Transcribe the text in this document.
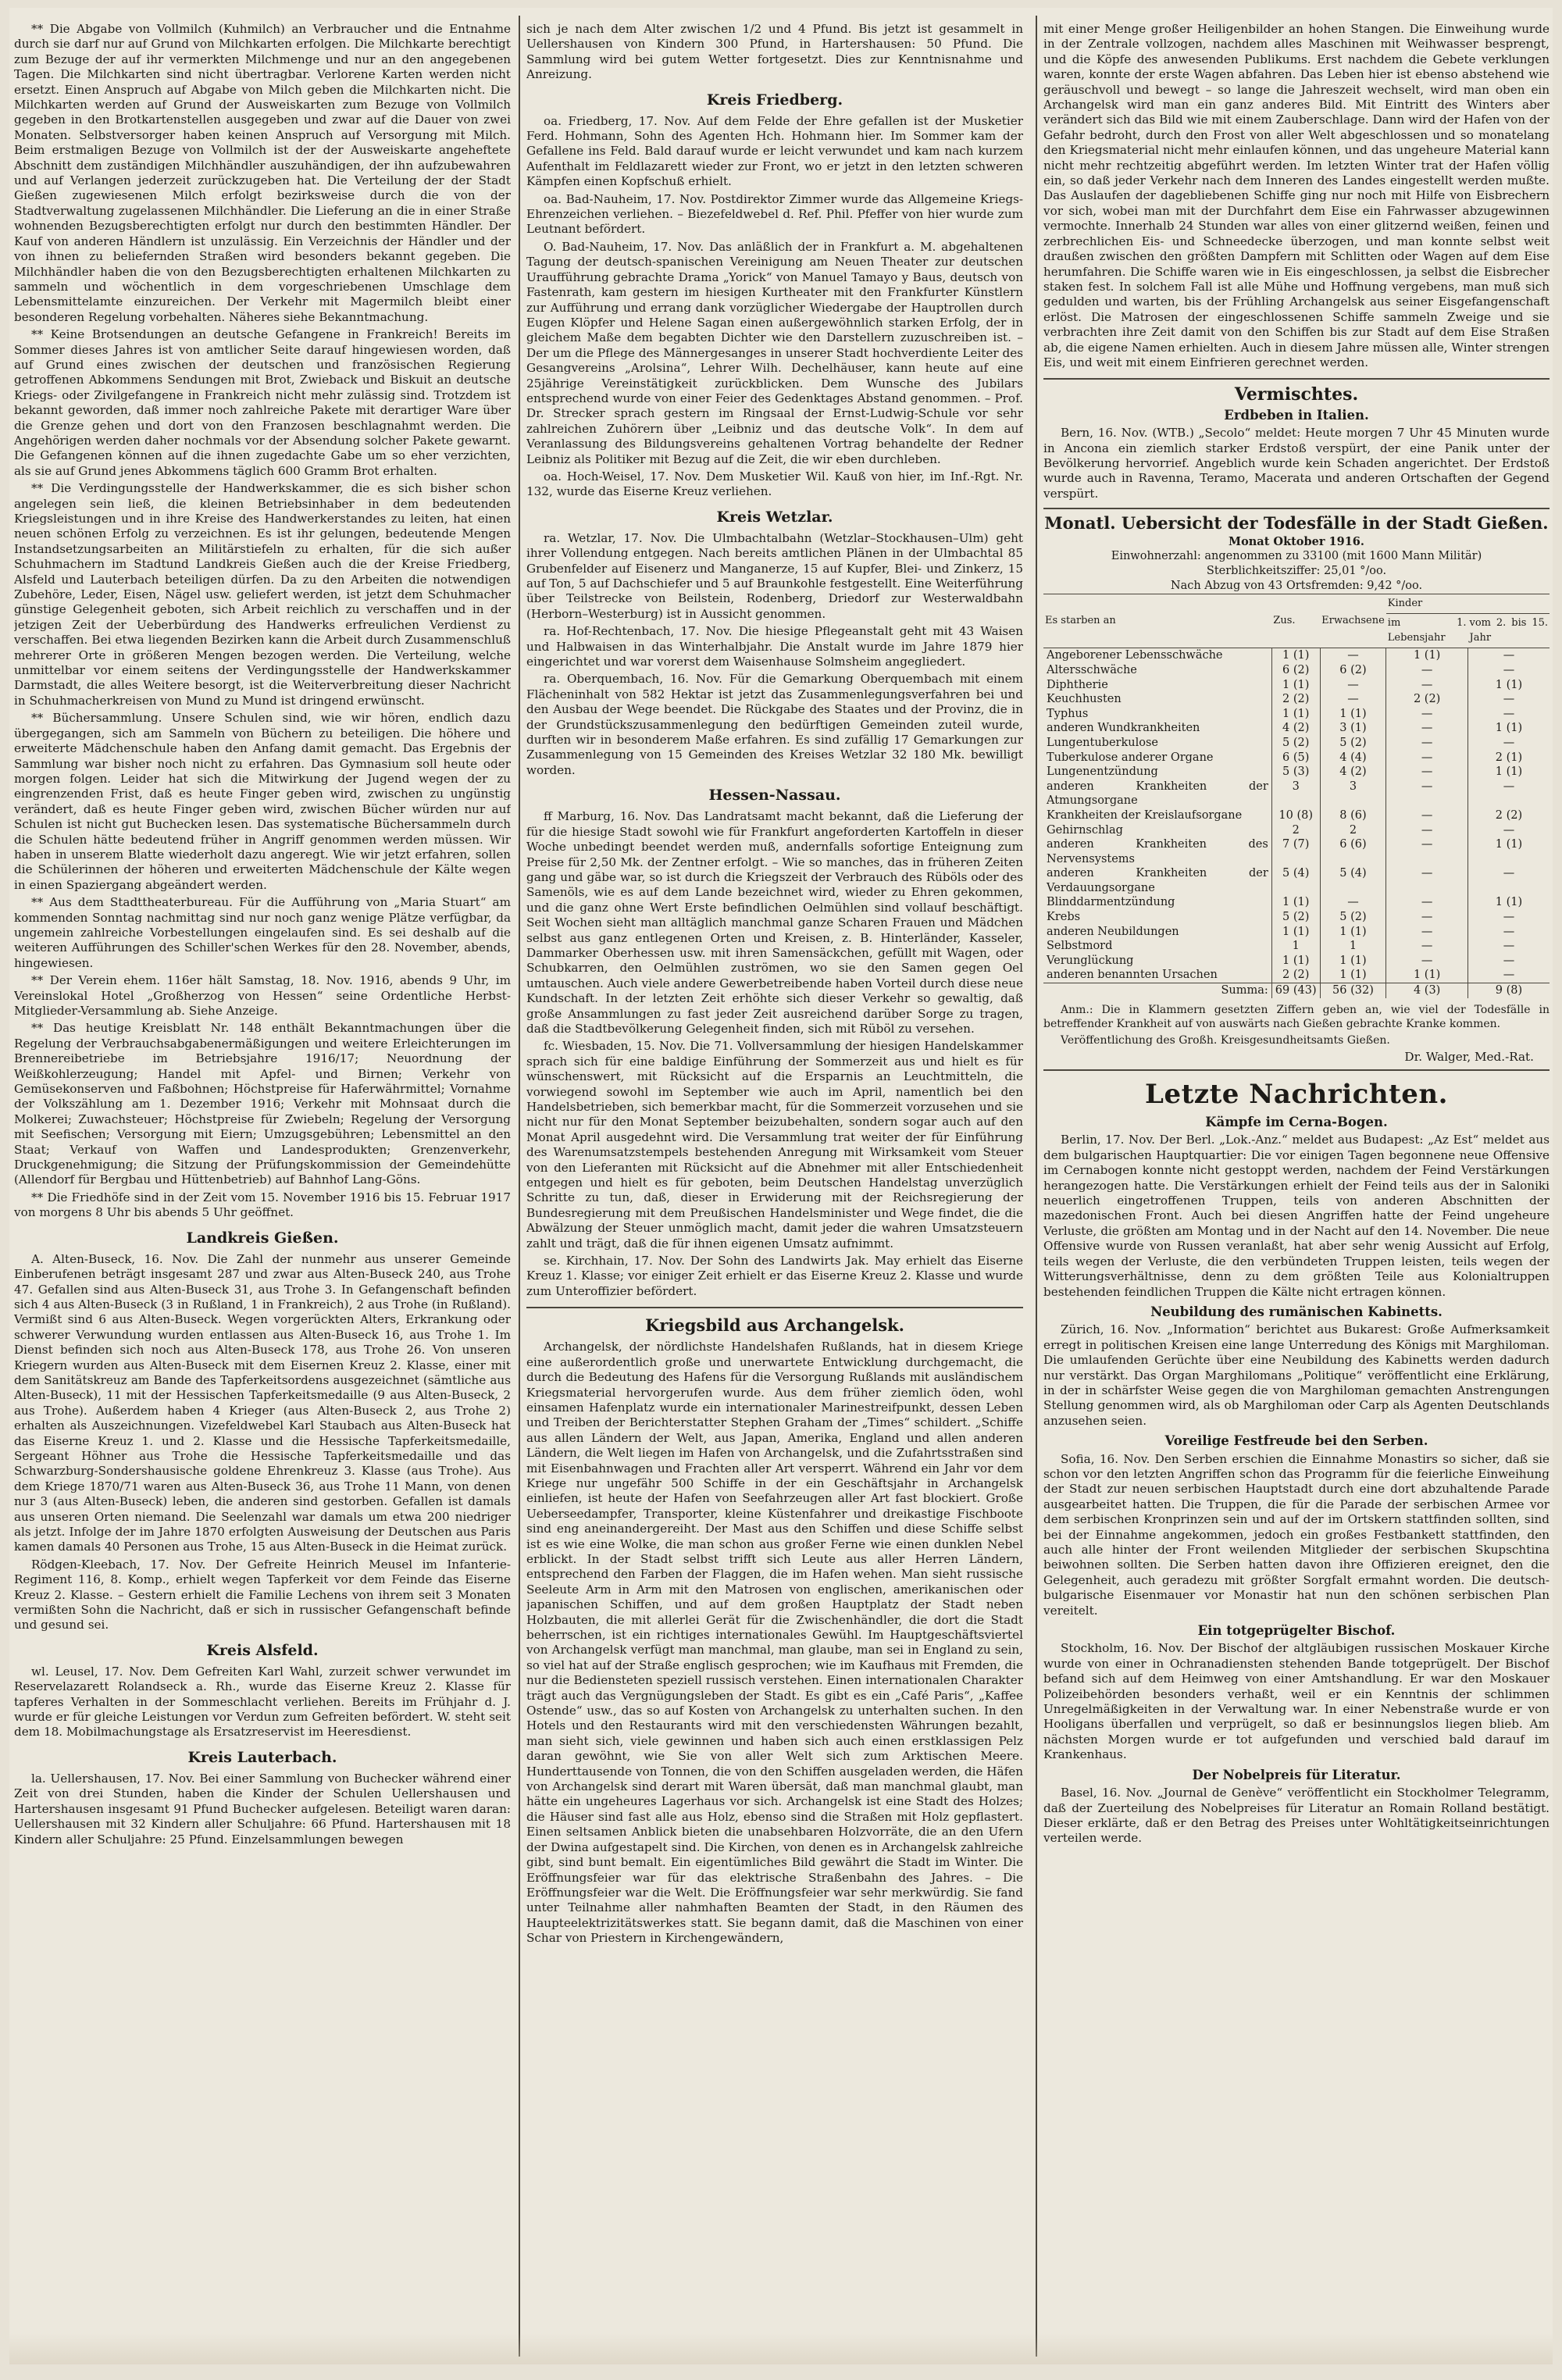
** Die Abgabe von Vollmilch (Kuhmilch) an Verbraucher und die Entnahme durch sie darf nur auf Grund von Milchkarten erfolgen. Die Milchkarte berechtigt zum Bezuge der auf ihr vermerkten Milchmenge und nur an den angegebenen Tagen. Die Milchkarten sind nicht übertragbar. Verlorene Karten werden nicht ersetzt. Einen Anspruch auf Abgabe von Milch geben die Milchkarten nicht. Die Milchkarten werden auf Grund der Ausweiskarten zum Bezuge von Vollmilch gegeben in den Brotkartenstellen ausgegeben und zwar auf die Dauer von zwei Monaten. Selbstversorger haben keinen Anspruch auf Versorgung mit Milch. Beim erstmaligen Bezuge von Vollmilch ist der der Ausweiskarte angeheftete Abschnitt dem zuständigen Milchhändler auszuhändigen, der ihn aufzubewahren und auf Verlangen jederzeit zurückzugeben hat. Die Verteilung der der Stadt Gießen zugewiesenen Milch erfolgt bezirksweise durch die von der Stadtverwaltung zugelassenen Milchhändler. Die Lieferung an die in einer Straße wohnenden Bezugsberechtigten erfolgt nur durch den bestimmten Händler. Der Kauf von anderen Händlern ist unzulässig. Ein Verzeichnis der Händler und der von ihnen zu beliefernden Straßen wird besonders bekannt gegeben. Die Milchhändler haben die von den Bezugsberechtigten erhaltenen Milchkarten zu sammeln und wöchentlich in dem vorgeschriebenen Umschlage dem Lebensmittelamte einzureichen. Der Verkehr mit Magermilch bleibt einer besonderen Regelung vorbehalten. Näheres siehe Bekanntmachung.

** Keine Brotsendungen an deutsche Gefangene in Frankreich! Bereits im Sommer dieses Jahres ist von amtlicher Seite darauf hingewiesen worden, daß auf Grund eines zwischen der deutschen und französischen Regierung getroffenen Abkommens Sendungen mit Brot, Zwieback und Biskuit an deutsche Kriegs- oder Zivilgefangene in Frankreich nicht mehr zulässig sind. Trotzdem ist bekannt geworden, daß immer noch zahlreiche Pakete mit derartiger Ware über die Grenze gehen und dort von den Franzosen beschlagnahmt werden. Die Angehörigen werden daher nochmals vor der Absendung solcher Pakete gewarnt. Die Gefangenen können auf die ihnen zugedachte Gabe um so eher verzichten, als sie auf Grund jenes Abkommens täglich 600 Gramm Brot erhalten.

** Die Verdingungsstelle der Handwerkskammer, die es sich bisher schon angelegen sein ließ, die kleinen Betriebsinhaber in dem bedeutenden Kriegsleistungen und in ihre Kreise des Handwerkerstandes zu leiten, hat einen neuen schönen Erfolg zu verzeichnen. Es ist ihr gelungen, bedeutende Mengen Instandsetzungsarbeiten an Militärstiefeln zu erhalten, für die sich außer Schuhmachern im Stadtund Landkreis Gießen auch die der Kreise Friedberg, Alsfeld und Lauterbach beteiligen dürfen. Da zu den Arbeiten die notwendigen Zubehöre, Leder, Eisen, Nägel usw. geliefert werden, ist jetzt dem Schuhmacher günstige Gelegenheit geboten, sich Arbeit reichlich zu verschaffen und in der jetzigen Zeit der Ueberbürdung des Handwerks erfreulichen Verdienst zu verschaffen. Bei etwa liegenden Bezirken kann die Arbeit durch Zusammenschluß mehrerer Orte in größeren Mengen bezogen werden. Die Verteilung, welche unmittelbar vor einem seitens der Verdingungsstelle der Handwerkskammer Darmstadt, die alles Weitere besorgt, ist die Weiterverbreitung dieser Nachricht in Schuhmacherkreisen von Mund zu Mund ist dringend erwünscht.

** Büchersammlung. Unsere Schulen sind, wie wir hören, endlich dazu übergegangen, sich am Sammeln von Büchern zu beteiligen. Die höhere und erweiterte Mädchenschule haben den Anfang damit gemacht. Das Ergebnis der Sammlung war bisher noch nicht zu erfahren. Das Gymnasium soll heute oder morgen folgen. Leider hat sich die Mitwirkung der Jugend wegen der zu eingrenzenden Frist, daß es heute Finger geben wird, zwischen zu ungünstig verändert, daß es heute Finger geben wird, zwischen Bücher würden nur auf Schulen ist nicht gut Buchecken lesen. Das systematische Büchersammeln durch die Schulen hätte bedeutend früher in Angriff genommen werden müssen. Wir haben in unserem Blatte wiederholt dazu angeregt. Wie wir jetzt erfahren, sollen die Schülerinnen der höheren und erweiterten Mädchenschule der Kälte wegen in einen Spaziergang abgeändert werden.

** Aus dem Stadttheaterbureau. Für die Aufführung von „Maria Stuart“ am kommenden Sonntag nachmittag sind nur noch ganz wenige Plätze verfügbar, da ungemein zahlreiche Vorbestellungen eingelaufen sind. Es sei deshalb auf die weiteren Aufführungen des Schiller'schen Werkes für den 28. November, abends, hingewiesen.

** Der Verein ehem. 116er hält Samstag, 18. Nov. 1916, abends 9 Uhr, im Vereinslokal Hotel „Großherzog von Hessen“ seine Ordentliche Herbst-Mitglieder-Versammlung ab. Siehe Anzeige.

** Das heutige Kreisblatt Nr. 148 enthält Bekanntmachungen über die Regelung der Verbrauchsabgabenermäßigungen und weitere Erleichterungen im Brennereibetriebe im Betriebsjahre 1916/17; Neuordnung der Weißkohlerzeugung; Handel mit Apfel- und Birnen; Verkehr von Gemüsekonserven und Faßbohnen; Höchstpreise für Haferwährmittel; Vornahme der Volkszählung am 1. Dezember 1916; Verkehr mit Mohnsaat durch die Molkerei; Zuwachsteuer; Höchstpreise für Zwiebeln; Regelung der Versorgung mit Seefischen; Versorgung mit Eiern; Umzugsgebühren; Lebensmittel an den Staat; Verkauf von Waffen und Landesprodukten; Grenzenverkehr, Druckgenehmigung; die Sitzung der Prüfungskommission der Gemeindehütte (Allendorf für Bergbau und Hüttenbetrieb) auf Bahnhof Lang-Göns.

** Die Friedhöfe sind in der Zeit vom 15. November 1916 bis 15. Februar 1917 von morgens 8 Uhr bis abends 5 Uhr geöffnet.

Landkreis Gießen.

A. Alten-Buseck, 16. Nov. Die Zahl der nunmehr aus unserer Gemeinde Einberufenen beträgt insgesamt 287 und zwar aus Alten-Buseck 240, aus Trohe 47. Gefallen sind aus Alten-Buseck 31, aus Trohe 3. In Gefangenschaft befinden sich 4 aus Alten-Buseck (3 in Rußland, 1 in Frankreich), 2 aus Trohe (in Rußland). Vermißt sind 6 aus Alten-Buseck. Wegen vorgerückten Alters, Erkrankung oder schwerer Verwundung wurden entlassen aus Alten-Buseck 16, aus Trohe 1. Im Dienst befinden sich noch aus Alten-Buseck 178, aus Trohe 26. Von unseren Kriegern wurden aus Alten-Buseck mit dem Eisernen Kreuz 2. Klasse, einer mit dem Sanitätskreuz am Bande des Tapferkeitsordens ausgezeichnet (sämtliche aus Alten-Buseck), 11 mit der Hessischen Tapferkeitsmedaille (9 aus Alten-Buseck, 2 aus Trohe). Außerdem haben 4 Krieger (aus Alten-Buseck 2, aus Trohe 2) erhalten als Auszeichnungen. Vizefeldwebel Karl Staubach aus Alten-Buseck hat das Eiserne Kreuz 1. und 2. Klasse und die Hessische Tapferkeitsmedaille, Sergeant Höhner aus Trohe die Hessische Tapferkeitsmedaille und das Schwarzburg-Sondershausische goldene Ehrenkreuz 3. Klasse (aus Trohe). Aus dem Kriege 1870/71 waren aus Alten-Buseck 36, aus Trohe 11 Mann, von denen nur 3 (aus Alten-Buseck) leben, die anderen sind gestorben. Gefallen ist damals aus unseren Orten niemand. Die Seelenzahl war damals um etwa 200 niedriger als jetzt. Infolge der im Jahre 1870 erfolgten Ausweisung der Deutschen aus Paris kamen damals 40 Personen aus Trohe, 15 aus Alten-Buseck in die Heimat zurück.

Rödgen-Kleebach, 17. Nov. Der Gefreite Heinrich Meusel im Infanterie-Regiment 116, 8. Komp., erhielt wegen Tapferkeit vor dem Feinde das Eiserne Kreuz 2. Klasse. – Gestern erhielt die Familie Lechens von ihrem seit 3 Monaten vermißten Sohn die Nachricht, daß er sich in russischer Gefangenschaft befinde und gesund sei.

Kreis Alsfeld.

wl. Leusel, 17. Nov. Dem Gefreiten Karl Wahl, zurzeit schwer verwundet im Reservelazarett Rolandseck a. Rh., wurde das Eiserne Kreuz 2. Klasse für tapferes Verhalten in der Sommeschlacht verliehen. Bereits im Frühjahr d. J. wurde er für gleiche Leistungen vor Verdun zum Gefreiten befördert. W. steht seit dem 18. Mobilmachungstage als Ersatzreservist im Heeresdienst.

Kreis Lauterbach.

la. Uellershausen, 17. Nov. Bei einer Sammlung von Buchecker während einer Zeit von drei Stunden, haben die Kinder der Schulen Uellershausen und Hartershausen insgesamt 91 Pfund Buchecker aufgelesen. Beteiligt waren daran: Uellershausen mit 32 Kindern aller Schuljahre: 66 Pfund. Hartershausen mit 18 Kindern aller Schuljahre: 25 Pfund. Einzelsammlungen bewegen

sich je nach dem Alter zwischen 1/2 und 4 Pfund. Bis jetzt ist gesammelt in Uellershausen von Kindern 300 Pfund, in Hartershausen: 50 Pfund. Die Sammlung wird bei gutem Wetter fortgesetzt. Dies zur Kenntnisnahme und Anreizung.

Kreis Friedberg.

oa. Friedberg, 17. Nov. Auf dem Felde der Ehre gefallen ist der Musketier Ferd. Hohmann, Sohn des Agenten Hch. Hohmann hier. Im Sommer kam der Gefallene ins Feld. Bald darauf wurde er leicht verwundet und kam nach kurzem Aufenthalt im Feldlazarett wieder zur Front, wo er jetzt in den letzten schweren Kämpfen einen Kopfschuß erhielt.

oa. Bad-Nauheim, 17. Nov. Postdirektor Zimmer wurde das Allgemeine Kriegs-Ehrenzeichen verliehen. – Biezefeldwebel d. Ref. Phil. Pfeffer von hier wurde zum Leutnant befördert.

O. Bad-Nauheim, 17. Nov. Das anläßlich der in Frankfurt a. M. abgehaltenen Tagung der deutsch-spanischen Vereinigung am Neuen Theater zur deutschen Uraufführung gebrachte Drama „Yorick“ von Manuel Tamayo y Baus, deutsch von Fastenrath, kam gestern im hiesigen Kurtheater mit den Frankfurter Künstlern zur Aufführung und errang dank vorzüglicher Wiedergabe der Hauptrollen durch Eugen Klöpfer und Helene Sagan einen außergewöhnlich starken Erfolg, der in gleichem Maße dem begabten Dichter wie den Darstellern zuzuschreiben ist. – Der um die Pflege des Männergesanges in unserer Stadt hochverdiente Leiter des Gesangvereins „Arolsina“, Lehrer Wilh. Dechelhäuser, kann heute auf eine 25jährige Vereinstätigkeit zurückblicken. Dem Wunsche des Jubilars entsprechend wurde von einer Feier des Gedenktages Abstand genommen. – Prof. Dr. Strecker sprach gestern im Ringsaal der Ernst-Ludwig-Schule vor sehr zahlreichen Zuhörern über „Leibniz und das deutsche Volk“. In dem auf Veranlassung des Bildungsvereins gehaltenen Vortrag behandelte der Redner Leibniz als Politiker mit Bezug auf die Zeit, die wir eben durchleben.

oa. Hoch-Weisel, 17. Nov. Dem Musketier Wil. Kauß von hier, im Inf.-Rgt. Nr. 132, wurde das Eiserne Kreuz verliehen.

Kreis Wetzlar.

ra. Wetzlar, 17. Nov. Die Ulmbachtalbahn (Wetzlar–Stockhausen–Ulm) geht ihrer Vollendung entgegen. Nach bereits amtlichen Plänen in der Ulmbachtal 85 Grubenfelder auf Eisenerz und Manganerze, 15 auf Kupfer, Blei- und Zinkerz, 15 auf Ton, 5 auf Dachschiefer und 5 auf Braunkohle festgestellt. Eine Weiterführung über Teilstrecke von Beilstein, Rodenberg, Driedorf zur Westerwaldbahn (Herborn–Westerburg) ist in Aussicht genommen.

ra. Hof-Rechtenbach, 17. Nov. Die hiesige Pflegeanstalt geht mit 43 Waisen und Halbwaisen in das Winterhalbjahr. Die Anstalt wurde im Jahre 1879 hier eingerichtet und war vorerst dem Waisenhause Solmsheim angegliedert.

ra. Oberquembach, 16. Nov. Für die Gemarkung Oberquembach mit einem Flächeninhalt von 582 Hektar ist jetzt das Zusammenlegungsverfahren bei und den Ausbau der Wege beendet. Die Rückgabe des Staates und der Provinz, die in der Grundstückszusammenlegung den bedürftigen Gemeinden zuteil wurde, durften wir in besonderem Maße erfahren. Es sind zufällig 17 Gemarkungen zur Zusammenlegung von 15 Gemeinden des Kreises Wetzlar 32 180 Mk. bewilligt worden.

Hessen-Nassau.

ff Marburg, 16. Nov. Das Landratsamt macht bekannt, daß die Lieferung der für die hiesige Stadt sowohl wie für Frankfurt angeforderten Kartoffeln in dieser Woche unbedingt beendet werden muß, andernfalls sofortige Enteignung zum Preise für 2,50 Mk. der Zentner erfolgt. – Wie so manches, das in früheren Zeiten gang und gäbe war, so ist durch die Kriegszeit der Verbrauch des Rüböls oder des Samenöls, wie es auf dem Lande bezeichnet wird, wieder zu Ehren gekommen, und die ganz ohne Wert Erste befindlichen Oelmühlen sind vollauf beschäftigt. Seit Wochen sieht man alltäglich manchmal ganze Scharen Frauen und Mädchen selbst aus ganz entlegenen Orten und Kreisen, z. B. Hinterländer, Kasseler, Dammarker Oberhessen usw. mit ihren Samensäckchen, gefüllt mit Wagen, oder Schubkarren, den Oelmühlen zuströmen, wo sie den Samen gegen Oel umtauschen. Auch viele andere Gewerbetreibende haben Vorteil durch diese neue Kundschaft. In der letzten Zeit erhöhte sich dieser Verkehr so gewaltig, daß große Ansammlungen zu fast jeder Zeit ausreichend darüber Sorge zu tragen, daß die Stadtbevölkerung Gelegenheit finden, sich mit Rüböl zu versehen.

fc. Wiesbaden, 15. Nov. Die 71. Vollversammlung der hiesigen Handelskammer sprach sich für eine baldige Einführung der Sommerzeit aus und hielt es für wünschenswert, mit Rücksicht auf die Ersparnis an Leuchtmitteln, die vorwiegend sowohl im September wie auch im April, namentlich bei den Handelsbetrieben, sich bemerkbar macht, für die Sommerzeit vorzusehen und sie nicht nur für den Monat September beizubehalten, sondern sogar auch auf den Monat April ausgedehnt wird. Die Versammlung trat weiter der für Einführung des Warenumsatzstempels bestehenden Anregung mit Wirksamkeit vom Steuer von den Lieferanten mit Rücksicht auf die Abnehmer mit aller Entschiedenheit entgegen und hielt es für geboten, beim Deutschen Handelstag unverzüglich Schritte zu tun, daß, dieser in Erwiderung mit der Reichsregierung der Bundesregierung mit dem Preußischen Handelsminister und Wege findet, die die Abwälzung der Steuer unmöglich macht, damit jeder die wahren Umsatzsteuern zahlt und trägt, daß die für ihnen eigenen Umsatz aufnimmt.

se. Kirchhain, 17. Nov. Der Sohn des Landwirts Jak. May erhielt das Eiserne Kreuz 1. Klasse; vor einiger Zeit erhielt er das Eiserne Kreuz 2. Klasse und wurde zum Unteroffizier befördert.

Kriegsbild aus Archangelsk.

Archangelsk, der nördlichste Handelshafen Rußlands, hat in diesem Kriege eine außerordentlich große und unerwartete Entwicklung durchgemacht, die durch die Bedeutung des Hafens für die Versorgung Rußlands mit ausländischem Kriegsmaterial hervorgerufen wurde. Aus dem früher ziemlich öden, wohl einsamen Hafenplatz wurde ein internationaler Marinestreifpunkt, dessen Leben und Treiben der Berichterstatter Stephen Graham der „Times“ schildert. „Schiffe aus allen Ländern der Welt, aus Japan, Amerika, England und allen anderen Ländern, die Welt liegen im Hafen von Archangelsk, und die Zufahrtsstraßen sind mit Eisenbahnwagen und Frachten aller Art versperrt. Während ein Jahr vor dem Kriege nur ungefähr 500 Schiffe in der ein Geschäftsjahr in Archangelsk einliefen, ist heute der Hafen von Seefahrzeugen aller Art fast blockiert. Große Ueberseedampfer, Transporter, kleine Küstenfahrer und dreikastige Fischboote sind eng aneinandergereiht. Der Mast aus den Schiffen und diese Schiffe selbst ist es wie eine Wolke, die man schon aus großer Ferne wie einen dunklen Nebel erblickt. In der Stadt selbst trifft sich Leute aus aller Herren Ländern, entsprechend den Farben der Flaggen, die im Hafen wehen. Man sieht russische Seeleute Arm in Arm mit den Matrosen von englischen, amerikanischen oder japanischen Schiffen, und auf dem großen Hauptplatz der Stadt neben Holzbauten, die mit allerlei Gerät für die Zwischenhändler, die dort die Stadt beherrschen, ist ein richtiges internationales Gewühl. Im Hauptgeschäftsviertel von Archangelsk verfügt man manchmal, man glaube, man sei in England zu sein, so viel hat auf der Straße englisch gesprochen; wie im Kaufhaus mit Fremden, die nur die Bediensteten speziell russisch verstehen. Einen internationalen Charakter trägt auch das Vergnügungsleben der Stadt. Es gibt es ein „Café Paris“, „Kaffee Ostende“ usw., das so auf Kosten von Archangelsk zu unterhalten suchen. In den Hotels und den Restaurants wird mit den verschiedensten Währungen bezahlt, man sieht sich, viele gewinnen und haben sich auch einen erstklassigen Pelz daran gewöhnt, wie Sie von aller Welt sich zum Arktischen Meere. Hunderttausende von Tonnen, die von den Schiffen ausgeladen werden, die Häfen von Archangelsk sind derart mit Waren übersät, daß man manchmal glaubt, man hätte ein ungeheures Lagerhaus vor sich. Archangelsk ist eine Stadt des Holzes; die Häuser sind fast alle aus Holz, ebenso sind die Straßen mit Holz gepflastert. Einen seltsamen Anblick bieten die unabsehbaren Holzvorräte, die an den Ufern der Dwina aufgestapelt sind. Die Kirchen, von denen es in Archangelsk zahlreiche gibt, sind bunt bemalt. Ein eigentümliches Bild gewährt die Stadt im Winter. Die Eröffnungsfeier war für das elektrische Straßenbahn des Jahres. – Die Eröffnungsfeier war die Welt. Die Eröffnungsfeier war sehr merkwürdig. Sie fand unter Teilnahme aller nahmhaften Beamten der Stadt, in den Räumen des Haupteelektrizitätswerkes statt. Sie begann damit, daß die Maschinen von einer Schar von Priestern in Kirchengewändern,

mit einer Menge großer Heiligenbilder an hohen Stangen. Die Einweihung wurde in der Zentrale vollzogen, nachdem alles Maschinen mit Weihwasser besprengt, und die Köpfe des anwesenden Publikums. Erst nachdem die Gebete verklungen waren, konnte der erste Wagen abfahren. Das Leben hier ist ebenso abstehend wie geräuschvoll und bewegt – so lange die Jahreszeit wechselt, wird man oben ein Archangelsk wird man ein ganz anderes Bild. Mit Eintritt des Winters aber verändert sich das Bild wie mit einem Zauberschlage. Dann wird der Hafen von der Gefahr bedroht, durch den Frost von aller Welt abgeschlossen und so monatelang den Kriegsmaterial nicht mehr einlaufen können, und das ungeheure Material kann nicht mehr rechtzeitig abgeführt werden. Im letzten Winter trat der Hafen völlig ein, so daß jeder Verkehr nach dem Inneren des Landes eingestellt werden mußte. Das Auslaufen der dagebliebenen Schiffe ging nur noch mit Hilfe von Eisbrechern vor sich, wobei man mit der Durchfahrt dem Eise ein Fahrwasser abzugewinnen vermochte. Innerhalb 24 Stunden war alles von einer glitzernd weißen, feinen und zerbrechlichen Eis- und Schneedecke überzogen, und man konnte selbst weit draußen zwischen den größten Dampfern mit Schlitten oder Wagen auf dem Eise herumfahren. Die Schiffe waren wie in Eis eingeschlossen, ja selbst die Eisbrecher staken fest. In solchem Fall ist alle Mühe und Hoffnung vergebens, man muß sich gedulden und warten, bis der Frühling Archangelsk aus seiner Eisgefangenschaft erlöst. Die Matrosen der eingeschlossenen Schiffe sammeln Zweige und sie verbrachten ihre Zeit damit von den Schiffen bis zur Stadt auf dem Eise Straßen ab, die eigene Namen erhielten. Auch in diesem Jahre müssen alle, Winter strengen Eis, und weit mit einem Einfrieren gerechnet werden.

Vermischtes.
Erdbeben in Italien.

Bern, 16. Nov. (WTB.) „Secolo“ meldet: Heute morgen 7 Uhr 45 Minuten wurde in Ancona ein ziemlich starker Erdstoß verspürt, der eine Panik unter der Bevölkerung hervorrief. Angeblich wurde kein Schaden angerichtet. Der Erdstoß wurde auch in Ravenna, Teramo, Macerata und anderen Ortschaften der Gegend verspürt.

Monatl. Uebersicht der Todesfälle in der Stadt Gießen.
Monat Oktober 1916.
Einwohnerzahl: angenommen zu 33100 (mit 1600 Mann Militär)
Sterblichkeitsziffer: 25,01 °/oo.
Nach Abzug von 43 Ortsfremden: 9,42 °/oo.
Es starben an	Zus.	Erwachsene	Kinder	
			im 1. Lebensjahr	vom 2. bis 15. Jahr
Angeborener Lebensschwäche	1 (1)	—	1 (1)	—
Altersschwäche	6 (2)	6 (2)	—	—
Diphtherie	1 (1)	—	—	1 (1)
Keuchhusten	2 (2)	—	2 (2)	—
Typhus	1 (1)	1 (1)	—	—
anderen Wundkrankheiten	4 (2)	3 (1)	—	1 (1)
Lungentuberkulose	5 (2)	5 (2)	—	—
Tuberkulose anderer Organe	6 (5)	4 (4)	—	2 (1)
Lungenentzündung	5 (3)	4 (2)	—	1 (1)
anderen Krankheiten der Atmungsorgane	3	3	—	—
Krankheiten der Kreislaufsorgane	10 (8)	8 (6)	—	2 (2)
Gehirnschlag	2	2	—	—
anderen Krankheiten des Nervensystems	7 (7)	6 (6)	—	1 (1)
anderen Krankheiten der Verdauungsorgane	5 (4)	5 (4)	—	—
Blinddarmentzündung	1 (1)	—	—	1 (1)
Krebs	5 (2)	5 (2)	—	—
anderen Neubildungen	1 (1)	1 (1)	—	—
Selbstmord	1	1	—	—
Verunglückung	1 (1)	1 (1)	—	—
anderen benannten Ursachen	2 (2)	1 (1)	1 (1)	—
Summa:	69 (43)	56 (32)	4 (3)	9 (8)

Anm.: Die in Klammern gesetzten Ziffern geben an, wie viel der Todesfälle in betreffender Krankheit auf von auswärts nach Gießen gebrachte Kranke kommen.

Veröffentlichung des Großh. Kreisgesundheitsamts Gießen.

Dr. Walger, Med.-Rat.
Letzte Nachrichten.
Kämpfe im Cerna-Bogen.

Berlin, 17. Nov. Der Berl. „Lok.-Anz.“ meldet aus Budapest: „Az Est“ meldet aus dem bulgarischen Hauptquartier: Die vor einigen Tagen begonnene neue Offensive im Cernabogen konnte nicht gestoppt werden, nachdem der Feind Verstärkungen herangezogen hatte. Die Verstärkungen erhielt der Feind teils aus der in Saloniki neuerlich eingetroffenen Truppen, teils von anderen Abschnitten der mazedonischen Front. Auch bei diesen Angriffen hatte der Feind ungeheure Verluste, die größten am Montag und in der Nacht auf den 14. November. Die neue Offensive wurde von Russen veranlaßt, hat aber sehr wenig Aussicht auf Erfolg, teils wegen der Verluste, die den verbündeten Truppen leisten, teils wegen der Witterungsverhältnisse, denn zu dem größten Teile aus Kolonialtruppen bestehenden feindlichen Truppen die Kälte nicht ertragen können.

Neubildung des rumänischen Kabinetts.

Zürich, 16. Nov. „Information“ berichtet aus Bukarest: Große Aufmerksamkeit erregt in politischen Kreisen eine lange Unterredung des Königs mit Marghiloman. Die umlaufenden Gerüchte über eine Neubildung des Kabinetts werden dadurch nur verstärkt. Das Organ Marghilomans „Politique“ veröffentlicht eine Erklärung, in der in schärfster Weise gegen die von Marghiloman gemachten Anstrengungen Stellung genommen wird, als ob Marghiloman oder Carp als Agenten Deutschlands anzusehen seien.

Voreilige Festfreude bei den Serben.

Sofia, 16. Nov. Den Serben erschien die Einnahme Monastirs so sicher, daß sie schon vor den letzten Angriffen schon das Programm für die feierliche Einweihung der Stadt zur neuen serbischen Hauptstadt durch eine dort abzuhaltende Parade ausgearbeitet hatten. Die Truppen, die für die Parade der serbischen Armee vor dem serbischen Kronprinzen sein und auf der im Ortskern stattfinden sollten, sind bei der Einnahme angekommen, jedoch ein großes Festbankett stattfinden, den auch alle hinter der Front weilenden Mitglieder der serbischen Skupschtina beiwohnen sollten. Die Serben hatten davon ihre Offizieren ereignet, den die Gelegenheit, auch geradezu mit größter Sorgfalt ermahnt worden. Die deutsch-bulgarische Eisenmauer vor Monastir hat nun den schönen serbischen Plan vereitelt.

Ein totgeprügelter Bischof.

Stockholm, 16. Nov. Der Bischof der altgläubigen russischen Moskauer Kirche wurde von einer in Ochranadiensten stehenden Bande totgeprügelt. Der Bischof befand sich auf dem Heimweg von einer Amtshandlung. Er war den Moskauer Polizeibehörden besonders verhaßt, weil er ein Kenntnis der schlimmen Unregelmäßigkeiten in der Verwaltung war. In einer Nebenstraße wurde er von Hooligans überfallen und verprügelt, so daß er besinnungslos liegen blieb. Am nächsten Morgen wurde er tot aufgefunden und verschied bald darauf im Krankenhaus.

Der Nobelpreis für Literatur.

Basel, 16. Nov. „Journal de Genève“ veröffentlicht ein Stockholmer Telegramm, daß der Zuerteilung des Nobelpreises für Literatur an Romain Rolland bestätigt. Dieser erklärte, daß er den Betrag des Preises unter Wohltätigkeitseinrichtungen verteilen werde.
